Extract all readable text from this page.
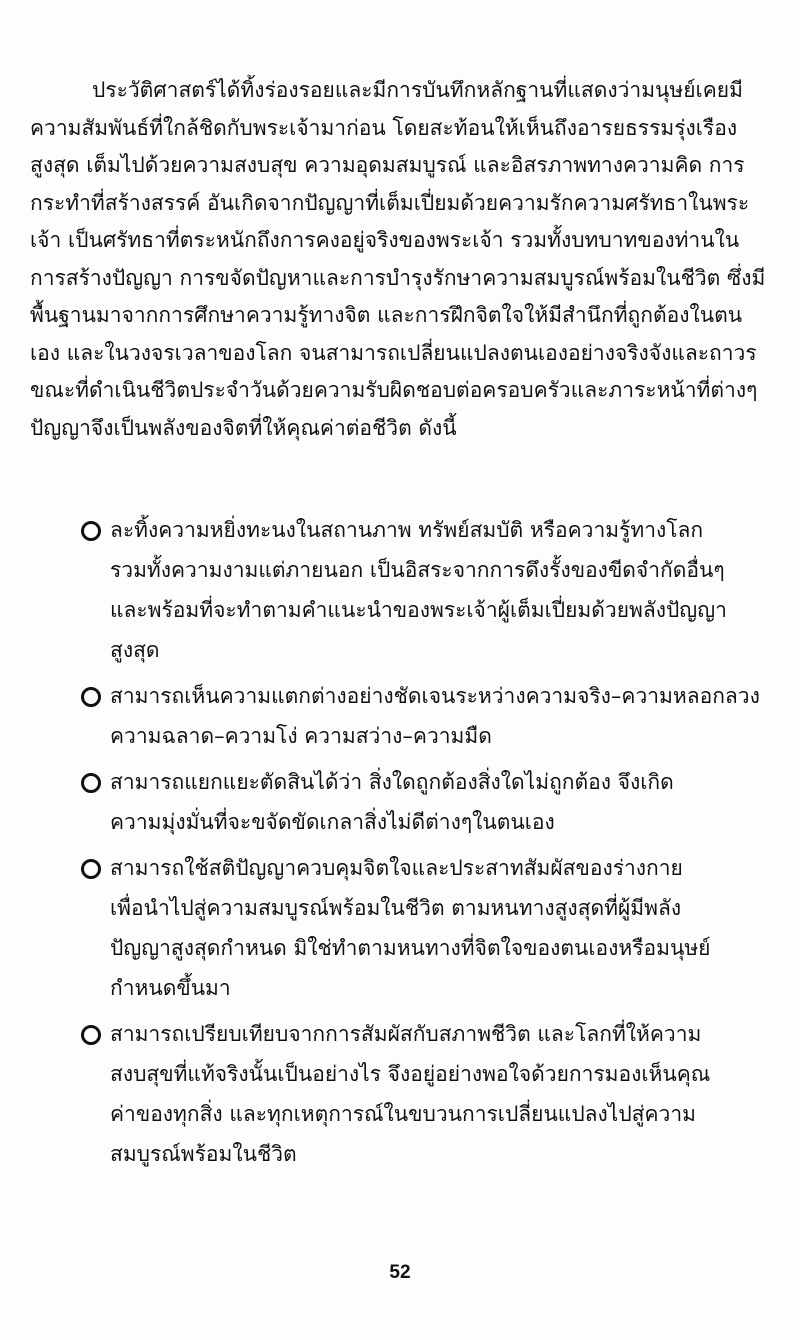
ประวัติศาสตร์ได้ทิ้งร่องรอยและมีการบันทึกหลักฐานที่แสดงว่ามนุษย์เคยมี
ความสัมพันธ์ที่ใกล้ชิดกับพระเจ้ามาก่อน โดยสะท้อนให้เห็นถึงอารยธรรมรุ่งเรือง
สูงสุด เต็มไปด้วยความสงบสุข ความอุดมสมบูรณ์ และอิสรภาพทางความคิด การ
กระทำที่สร้างสรรค์ อันเกิดจากปัญญาที่เต็มเปี่ยมด้วยความรักความศรัทธาในพระ
เจ้า เป็นศรัทธาที่ตระหนักถึงการคงอยู่จริงของพระเจ้า รวมทั้งบทบาทของท่านใน
การสร้างปัญญา การขจัดปัญหาและการบำรุงรักษาความสมบูรณ์พร้อมในชีวิต ซึ่งมี
พื้นฐานมาจากการศึกษาความรู้ทางจิต และการฝึกจิตใจให้มีสำนึกที่ถูกต้องในตน
เอง และในวงจรเวลาของโลก จนสามารถเปลี่ยนแปลงตนเองอย่างจริงจังและถาวร
ขณะที่ดำเนินชีวิตประจำวันด้วยความรับผิดชอบต่อครอบครัวและภาระหน้าที่ต่างๆ
ปัญญาจึงเป็นพลังของจิตที่ให้คุณค่าต่อชีวิต ดังนี้
ละทิ้งความหยิ่งทะนงในสถานภาพ ทรัพย์สมบัติ หรือความรู้ทางโลก
รวมทั้งความงามแต่ภายนอก เป็นอิสระจากการดึงรั้งของขีดจำกัดอื่นๆ
และพร้อมที่จะทำตามคำแนะนำของพระเจ้าผู้เต็มเปี่ยมด้วยพลังปัญญา
สูงสุด
สามารถเห็นความแตกต่างอย่างชัดเจนระหว่างความจริง–ความหลอกลวง
ความฉลาด–ความโง่ ความสว่าง–ความมืด
สามารถแยกแยะตัดสินได้ว่า สิ่งใดถูกต้องสิ่งใดไม่ถูกต้อง จึงเกิด
ความมุ่งมั่นที่จะขจัดขัดเกลาสิ่งไม่ดีต่างๆในตนเอง
สามารถใช้สติปัญญาควบคุมจิตใจและประสาทสัมผัสของร่างกาย
เพื่อนำไปสู่ความสมบูรณ์พร้อมในชีวิต ตามหนทางสูงสุดที่ผู้มีพลัง
ปัญญาสูงสุดกำหนด มิใช่ทำตามหนทางที่จิตใจของตนเองหรือมนุษย์
กำหนดขึ้นมา
สามารถเปรียบเทียบจากการสัมผัสกับสภาพชีวิต และโลกที่ให้ความ
สงบสุขที่แท้จริงนั้นเป็นอย่างไร จึงอยู่อย่างพอใจด้วยการมองเห็นคุณ
ค่าของทุกสิ่ง และทุกเหตุการณ์ในขบวนการเปลี่ยนแปลงไปสู่ความ
สมบูรณ์พร้อมในชีวิต
52
